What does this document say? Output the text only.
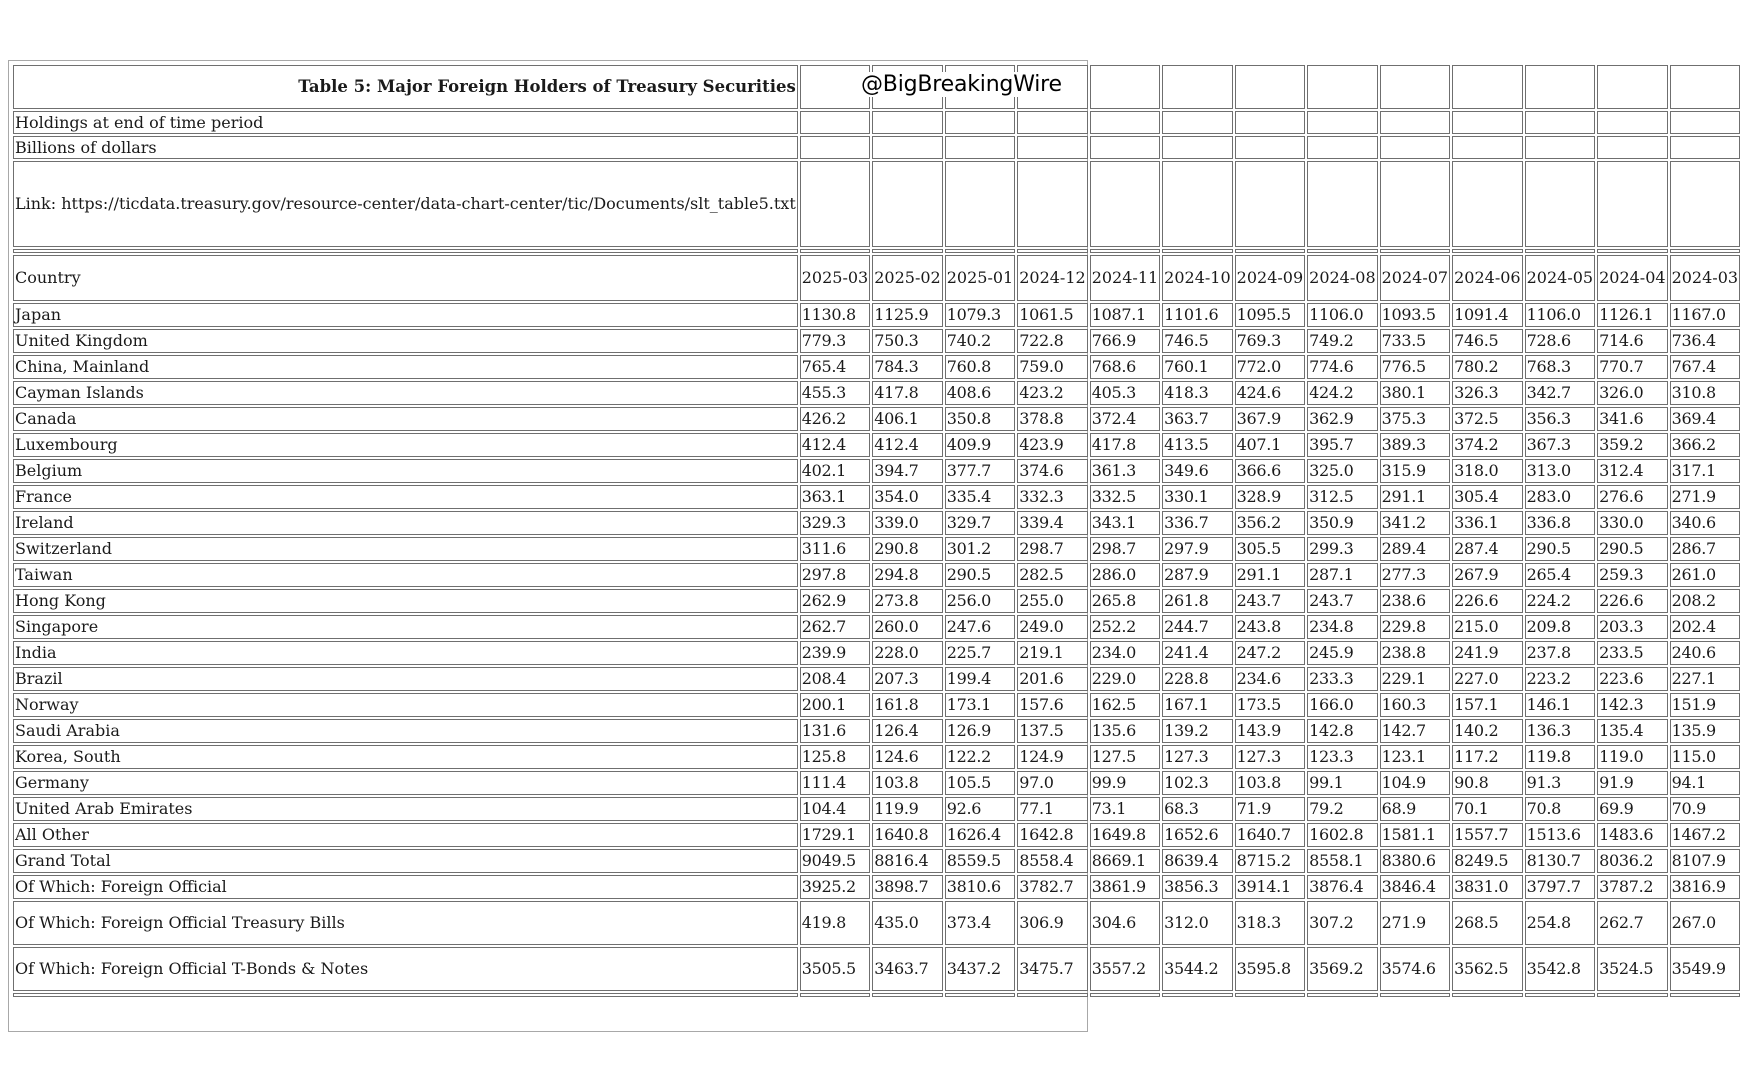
Table 5: Major Foreign Holders of Treasury Securities													
Holdings at end of time period													
Billions of dollars													
Link: https://ticdata.treasury.gov/resource-center/data-chart-center/tic/Documents/slt_table5.txt													

Country	2025-03	2025-02	2025-01	2024-12	2024-11	2024-10	2024-09	2024-08	2024-07	2024-06	2024-05	2024-04	2024-03
Japan	1130.8	1125.9	1079.3	1061.5	1087.1	1101.6	1095.5	1106.0	1093.5	1091.4	1106.0	1126.1	1167.0
United Kingdom	779.3	750.3	740.2	722.8	766.9	746.5	769.3	749.2	733.5	746.5	728.6	714.6	736.4
China, Mainland	765.4	784.3	760.8	759.0	768.6	760.1	772.0	774.6	776.5	780.2	768.3	770.7	767.4
Cayman Islands	455.3	417.8	408.6	423.2	405.3	418.3	424.6	424.2	380.1	326.3	342.7	326.0	310.8
Canada	426.2	406.1	350.8	378.8	372.4	363.7	367.9	362.9	375.3	372.5	356.3	341.6	369.4
Luxembourg	412.4	412.4	409.9	423.9	417.8	413.5	407.1	395.7	389.3	374.2	367.3	359.2	366.2
Belgium	402.1	394.7	377.7	374.6	361.3	349.6	366.6	325.0	315.9	318.0	313.0	312.4	317.1
France	363.1	354.0	335.4	332.3	332.5	330.1	328.9	312.5	291.1	305.4	283.0	276.6	271.9
Ireland	329.3	339.0	329.7	339.4	343.1	336.7	356.2	350.9	341.2	336.1	336.8	330.0	340.6
Switzerland	311.6	290.8	301.2	298.7	298.7	297.9	305.5	299.3	289.4	287.4	290.5	290.5	286.7
Taiwan	297.8	294.8	290.5	282.5	286.0	287.9	291.1	287.1	277.3	267.9	265.4	259.3	261.0
Hong Kong	262.9	273.8	256.0	255.0	265.8	261.8	243.7	243.7	238.6	226.6	224.2	226.6	208.2
Singapore	262.7	260.0	247.6	249.0	252.2	244.7	243.8	234.8	229.8	215.0	209.8	203.3	202.4
India	239.9	228.0	225.7	219.1	234.0	241.4	247.2	245.9	238.8	241.9	237.8	233.5	240.6
Brazil	208.4	207.3	199.4	201.6	229.0	228.8	234.6	233.3	229.1	227.0	223.2	223.6	227.1
Norway	200.1	161.8	173.1	157.6	162.5	167.1	173.5	166.0	160.3	157.1	146.1	142.3	151.9
Saudi Arabia	131.6	126.4	126.9	137.5	135.6	139.2	143.9	142.8	142.7	140.2	136.3	135.4	135.9
Korea, South	125.8	124.6	122.2	124.9	127.5	127.3	127.3	123.3	123.1	117.2	119.8	119.0	115.0
Germany	111.4	103.8	105.5	97.0	99.9	102.3	103.8	99.1	104.9	90.8	91.3	91.9	94.1
United Arab Emirates	104.4	119.9	92.6	77.1	73.1	68.3	71.9	79.2	68.9	70.1	70.8	69.9	70.9
All Other	1729.1	1640.8	1626.4	1642.8	1649.8	1652.6	1640.7	1602.8	1581.1	1557.7	1513.6	1483.6	1467.2
Grand Total	9049.5	8816.4	8559.5	8558.4	8669.1	8639.4	8715.2	8558.1	8380.6	8249.5	8130.7	8036.2	8107.9
Of Which: Foreign Official	3925.2	3898.7	3810.6	3782.7	3861.9	3856.3	3914.1	3876.4	3846.4	3831.0	3797.7	3787.2	3816.9
Of Which: Foreign Official Treasury Bills	419.8	435.0	373.4	306.9	304.6	312.0	318.3	307.2	271.9	268.5	254.8	262.7	267.0
Of Which: Foreign Official T-Bonds & Notes	3505.5	3463.7	3437.2	3475.7	3557.2	3544.2	3595.8	3569.2	3574.6	3562.5	3542.8	3524.5	3549.9

@BigBreakingWire
